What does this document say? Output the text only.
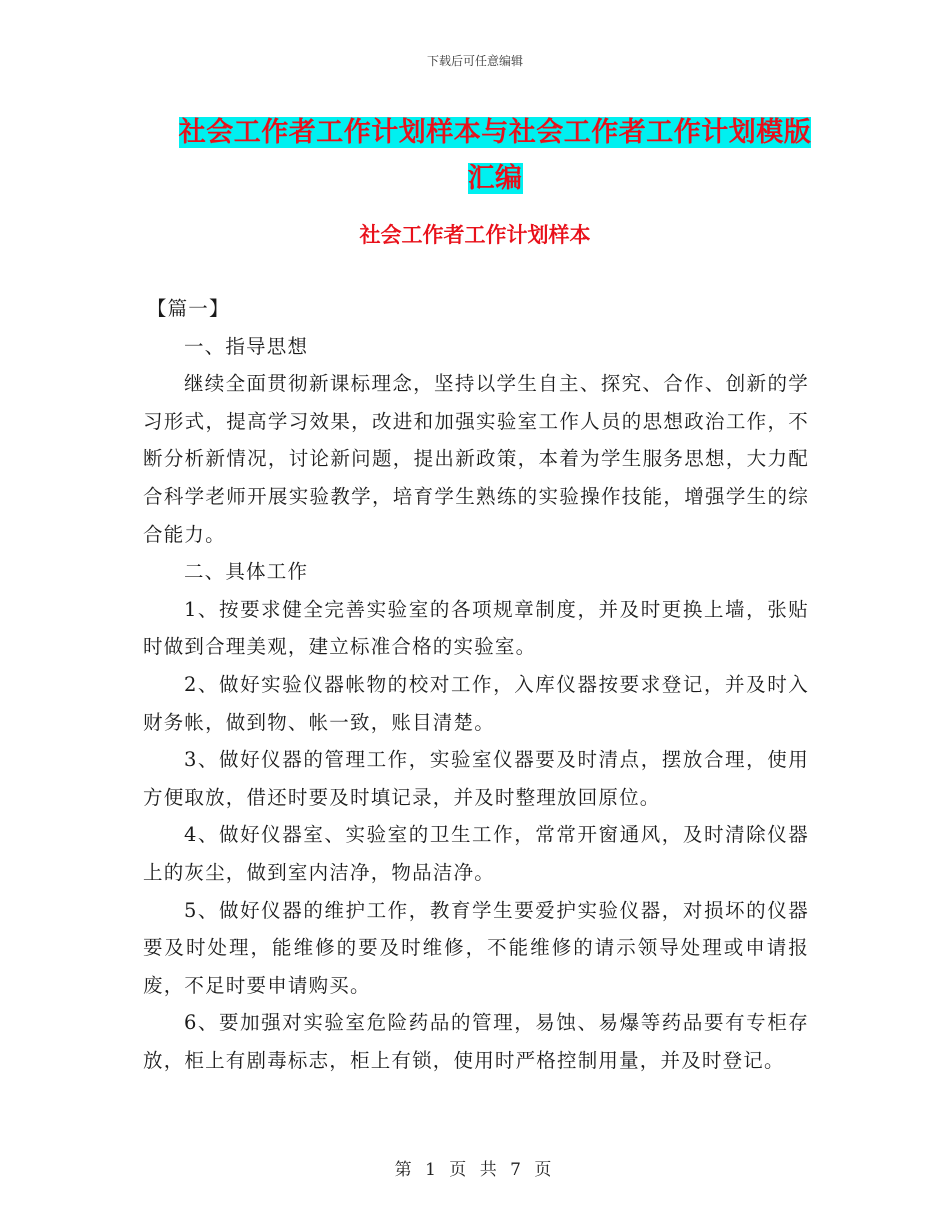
下载后可任意编辑
社会工作者工作计划样本与社会工作者工作计划模版
汇编
社会工作者工作计划样本

【篇一】

一、指导思想

继续全面贯彻新课标理念，坚持以学生自主、探究、合作、创新的学习形式，提高学习效果，改进和加强实验室工作人员的思想政治工作，不断分析新情况，讨论新问题，提出新政策，本着为学生服务思想，大力配合科学老师开展实验教学，培育学生熟练的实验操作技能，增强学生的综合能力。

二、具体工作

1、按要求健全完善实验室的各项规章制度，并及时更换上墙，张贴时做到合理美观，建立标准合格的实验室。

2、做好实验仪器帐物的校对工作，入库仪器按要求登记，并及时入财务帐，做到物、帐一致，账目清楚。

3、做好仪器的管理工作，实验室仪器要及时清点，摆放合理，使用方便取放，借还时要及时填记录，并及时整理放回原位。

4、做好仪器室、实验室的卫生工作，常常开窗通风，及时清除仪器上的灰尘，做到室内洁净，物品洁净。

5、做好仪器的维护工作，教育学生要爱护实验仪器，对损坏的仪器要及时处理，能维修的要及时维修，不能维修的请示领导处理或申请报废，不足时要申请购买。

6、要加强对实验室危险药品的管理，易蚀、易爆等药品要有专柜存放，柜上有剧毒标志，柜上有锁，使用时严格控制用量，并及时登记。

第 1 页 共 7 页
